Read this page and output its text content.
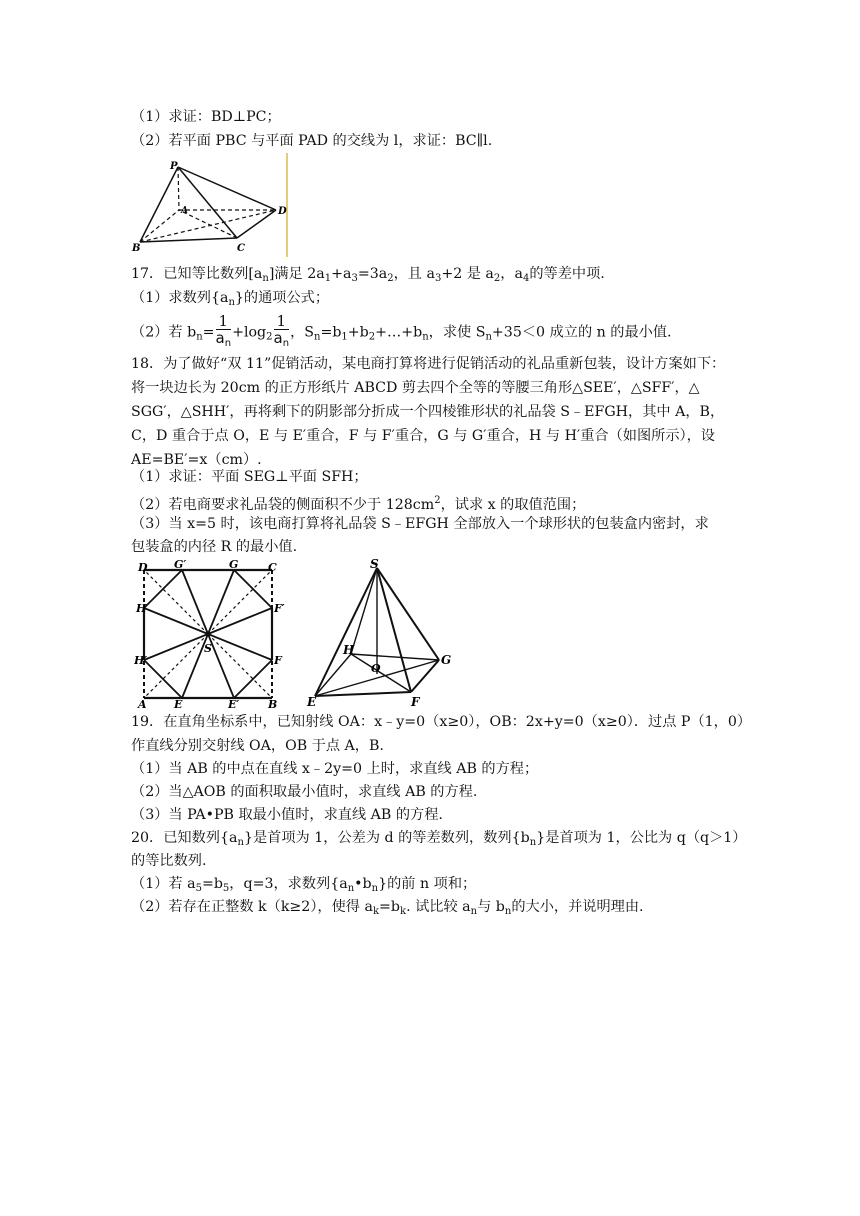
（1）求证：BD⊥PC；
（2）若平面 PBC 与平面 PAD 的交线为 l，求证：BC∥l.
P
A
B	C
D
17．已知等比数列$[a_n]$满足 $2a_1+a_3=3a_2$，且 $a_3+2$ 是 $a_2$，$a_4$的等差中项.
（1）求数列$\{a_n\}$的通项公式；
（2）若 $b_n= \frac{1}{a_n} +\log_2 \frac{1}{a_n}$ ，$S_n=b_1+b_2+\dots+b_n$，求使 $S_n+35<0$ 成立的 n 的最小值.
18．为了做好“双 11”促销活动，某电商打算将进行促销活动的礼品重新包装，设计方案如下：
将一块边长为 20cm 的正方形纸片 ABCD 剪去四个全等的等腰三角形△SEE′，△SFF′，△
SGG′，△SHH′，再将剩下的阴影部分折成一个四棱锥形状的礼品袋 S﹣EFGH，其中 A，B，
C，D 重合于点 O，E 与 E′重合，F 与 F′重合，G 与 G′重合，H 与 H′重合（如图所示），设
AE=BE′=x（cm）.
（1）求证：平面 SEG⊥平面 SFH；
（2）若电商要求礼品袋的侧面积不少于 $128cm^2$，试求 x 的取值范围；
（3）当 x=5 时，该电商打算将礼品袋 S﹣EFGH 全部放入一个球形状的包装盒内密封，求
包装盒的内径 R 的最小值.
D G′	G	C
H	F′
S
H′	F
A E	E′	B
S
H
O
G
E	F
19．在直角坐标系中，已知射线 OA：x﹣y=0（x≥0），OB：2x+y=0（x≥0）．过点 P（1，0）
作直线分别交射线 OA，OB 于点 A，B.
（1）当 AB 的中点在直线 x﹣2y=0 上时，求直线 AB 的方程；
（2）当△AOB 的面积取最小值时，求直线 AB 的方程.
（3）当 PA•PB 取最小值时，求直线 AB 的方程.
20．已知数列$\{a_n\}$是首项为 1，公差为 d 的等差数列，数列$\{b_n\}$是首项为 1，公比为 q（q＞1）
的等比数列.
（1）若 $a_5=b_5$，q=3，求数列$\{a_n•b_n\}$的前 n 项和；
（2）若存在正整数 k（k≥2），使得 $a_k=b_k$. 试比较 $a_n$与 $b_n$的大小，并说明理由.
